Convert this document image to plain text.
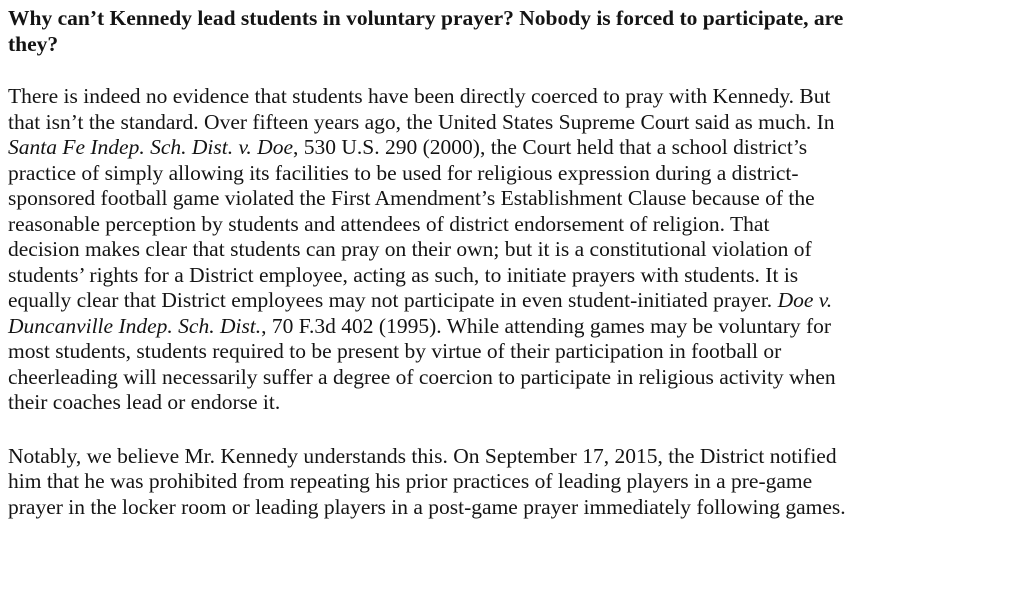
Why can’t Kennedy lead students in voluntary prayer? Nobody is forced to participate, are
they?
There is indeed no evidence that students have been directly coerced to pray with Kennedy. But
that isn’t the standard. Over fifteen years ago, the United States Supreme Court said as much. In
Santa Fe Indep. Sch. Dist. v. Doe, 530 U.S. 290 (2000), the Court held that a school district’s
practice of simply allowing its facilities to be used for religious expression during a district-
sponsored football game violated the First Amendment’s Establishment Clause because of the
reasonable perception by students and attendees of district endorsement of religion. That
decision makes clear that students can pray on their own; but it is a constitutional violation of
students’ rights for a District employee, acting as such, to initiate prayers with students. It is
equally clear that District employees may not participate in even student-initiated prayer. Doe v.
Duncanville Indep. Sch. Dist., 70 F.3d 402 (1995). While attending games may be voluntary for
most students, students required to be present by virtue of their participation in football or
cheerleading will necessarily suffer a degree of coercion to participate in religious activity when
their coaches lead or endorse it.
Notably, we believe Mr. Kennedy understands this. On September 17, 2015, the District notified
him that he was prohibited from repeating his prior practices of leading players in a pre-game
prayer in the locker room or leading players in a post-game prayer immediately following games.
